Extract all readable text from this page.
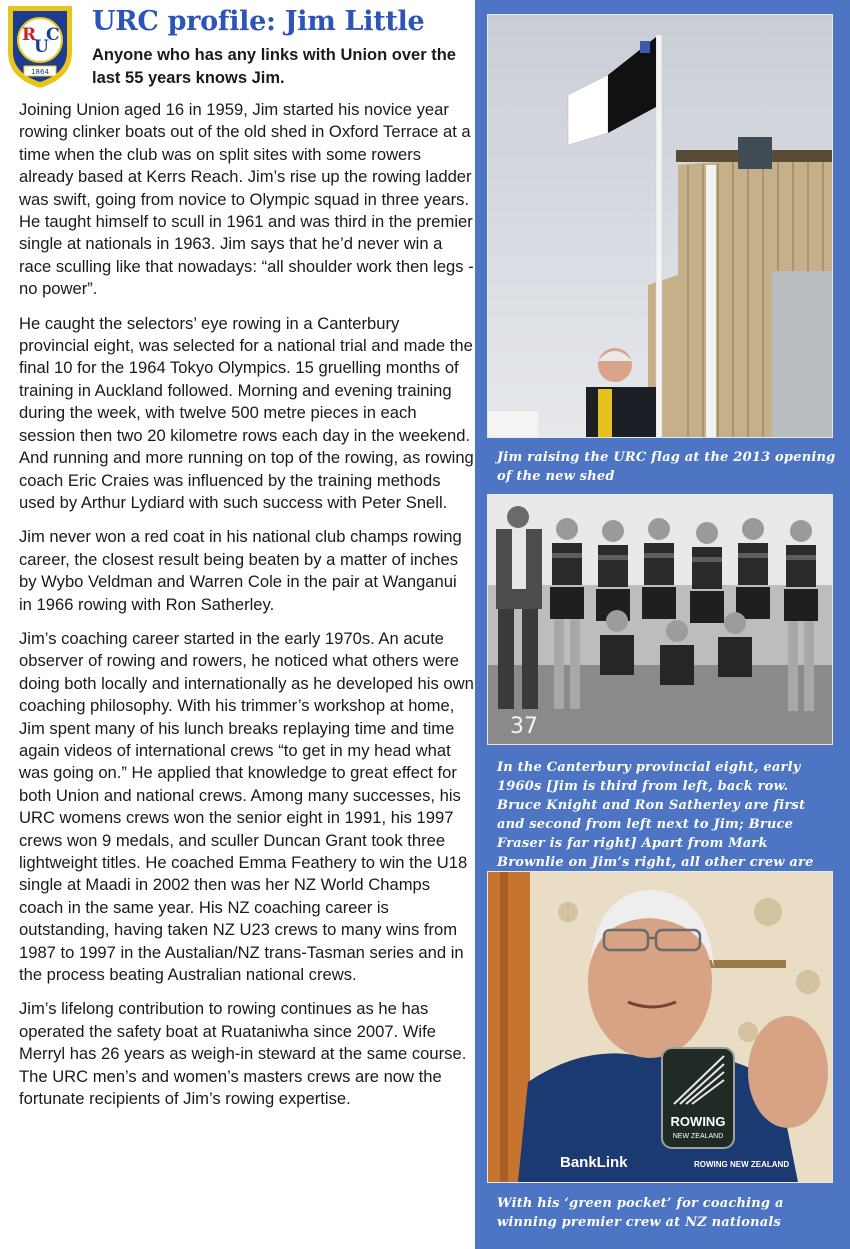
R
U
C
1864
URC profile: Jim Little
Anyone who has any links with Union over the last 55 years knows Jim.

Joining Union aged 16 in 1959, Jim started his novice year rowing clinker boats out of the old shed in Oxford Terrace at a time when the club was on split sites with some rowers already based at Kerrs Reach. Jim’s rise up the rowing ladder was swift, going from novice to Olympic squad in three years. He taught himself to scull in 1961 and was third in the premier single at nationals in 1963. Jim says that he’d never win a race sculling like that nowadays: “all shoulder work then legs - no power”.

He caught the selectors’ eye rowing in a Canterbury provincial eight, was selected for a national trial and made the final 10 for the 1964 Tokyo Olympics. 15 gruelling months of training in Auckland followed. Morning and evening training during the week, with twelve 500 metre pieces in each session then two 20 kilometre rows each day in the weekend. And running and more running on top of the rowing, as rowing coach Eric Craies was influenced by the training methods used by Arthur Lydiard with such success with Peter Snell.

Jim never won a red coat in his national club champs rowing career, the closest result being beaten by a matter of inches by Wybo Veldman and Warren Cole in the pair at Wanganui in 1966 rowing with Ron Satherley.

Jim’s coaching career started in the early 1970s. An acute observer of rowing and rowers, he noticed what others were doing both locally and internationally as he developed his own coaching philosophy. With his trimmer’s workshop at home, Jim spent many of his lunch breaks replaying time and time again videos of international crews “to get in my head what was going on.” He applied that knowledge to great effect for both Union and national crews. Among many successes, his URC womens crews won the senior eight in 1991, his 1997 crews won 9 medals, and sculler Duncan Grant took three lightweight titles. He coached Emma Feathery to win the U18 single at Maadi in 2002 then was her NZ World Champs coach in the same year. His NZ coaching career is outstanding, having taken NZ U23 crews to many wins from 1987 to 1997 in the Austalian/NZ trans-Tasman series and in the process beating Australian national crews.

Jim’s lifelong contribution to rowing continues as he has operated the safety boat at Ruataniwha since 2007. Wife Merryl has 26 years as weigh-in steward at the same course. The URC men’s and women’s masters crews are now the fortunate recipients of Jim’s rowing expertise.

Jim raising the URC flag at the 2013 opening of the new shed
37
In the Canterbury provincial eight, early 1960s [Jim is third from left, back row. Bruce Knight and Ron Satherley are first and second from left next to Jim; Bruce Fraser is far right] Apart from Mark Brownlie on Jim’s right, all other crew are
BankLink	ROWING NEW ZEALAND
ROWING
NEW ZEALAND
With his ‘green pocket’ for coaching a winning premier crew at NZ nationals
